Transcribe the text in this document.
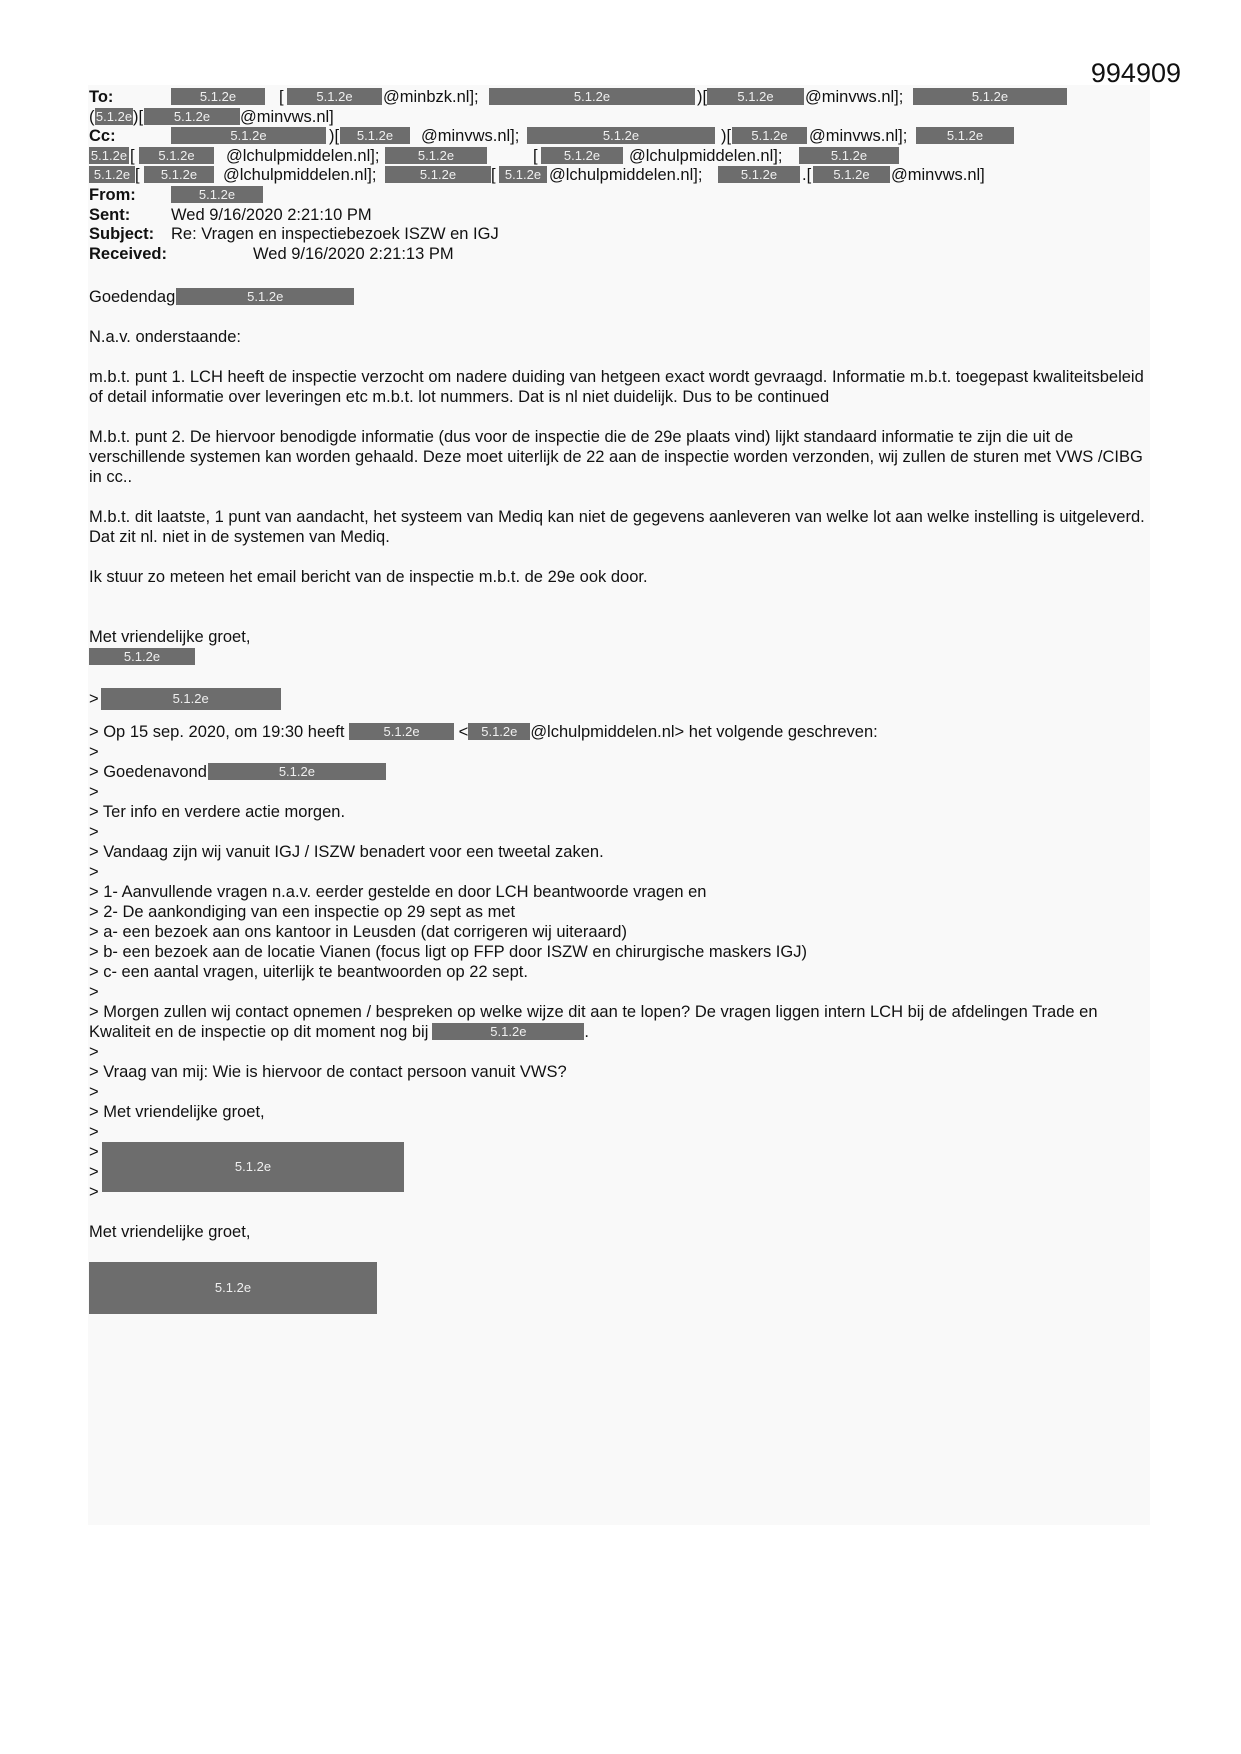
994909
To:	5.1.2e	[	5.1.2e	@minbzk.nl];	5.1.2e	)[	5.1.2e	@minvws.nl];	5.1.2e
( 5.1.2e )[	5.1.2e	@minvws.nl]
Cc:	5.1.2e	)[	5.1.2e	@minvws.nl];	5.1.2e	)[	5.1.2e	@minvws.nl];	5.1.2e
5.1.2e [	5.1.2e	@lchulpmiddelen.nl];	5.1.2e	[	5.1.2e	@lchulpmiddelen.nl];	5.1.2e
5.1.2e [	5.1.2e	@lchulpmiddelen.nl];	5.1.2e	[ 5.1.2e @lchulpmiddelen.nl];	5.1.2e	.[	5.1.2e	@minvws.nl]
From:	5.1.2e
Sent: Wed 9/16/2020 2:21:10 PM
Subject: Re: Vragen en inspectiebezoek ISZW en IGJ
Received:	Wed 9/16/2020 2:21:13 PM
Goedendag	5.1.2e
N.a.v. onderstaande:
m.b.t. punt 1. LCH heeft de inspectie verzocht om nadere duiding van hetgeen exact wordt gevraagd. Informatie m.b.t. toegepast kwaliteitsbeleid of detail informatie over leveringen etc m.b.t. lot nummers. Dat is nl niet duidelijk. Dus to be continued
M.b.t. punt 2. De hiervoor benodigde informatie (dus voor de inspectie die de 29e plaats vind) lijkt standaard informatie te zijn die uit de verschillende systemen kan worden gehaald. Deze moet uiterlijk de 22 aan de inspectie worden verzonden, wij zullen de sturen met VWS /CIBG in cc..
M.b.t. dit laatste, 1 punt van aandacht, het systeem van Mediq kan niet de gegevens aanleveren van welke lot aan welke instelling is uitgeleverd. Dat zit nl. niet in de systemen van Mediq.
Ik stuur zo meteen het email bericht van de inspectie m.b.t. de 29e ook door.
Met vriendelijke groet,
5.1.2e
>	5.1.2e
> Op 15 sep. 2020, om 19:30 heeft	5.1.2e < 5.1.2e @lchulpmiddelen.nl> het volgende geschreven:
>
> Goedenavond	5.1.2e
>
> Ter info en verdere actie morgen.
>
> Vandaag zijn wij vanuit IGJ / ISZW benadert voor een tweetal zaken.
>
> 1- Aanvullende vragen n.a.v. eerder gestelde en door LCH beantwoorde vragen en
> 2- De aankondiging van een inspectie op 29 sept as met
> a- een bezoek aan ons kantoor in Leusden (dat corrigeren wij uiteraard)
> b- een bezoek aan de locatie Vianen (focus ligt op FFP door ISZW en chirurgische maskers IGJ)
> c- een aantal vragen, uiterlijk te beantwoorden op 22 sept.
>
> Morgen zullen wij contact opnemen / bespreken op welke wijze dit aan te lopen? De vragen liggen intern LCH bij de afdelingen Trade en Kwaliteit en de inspectie op dit moment nog bij	5.1.2e	.
>
> Vraag van mij: Wie is hiervoor de contact persoon vanuit VWS?
>
> Met vriendelijke groet,
>
>
5.1.2e
>
>
Met vriendelijke groet,
5.1.2e
